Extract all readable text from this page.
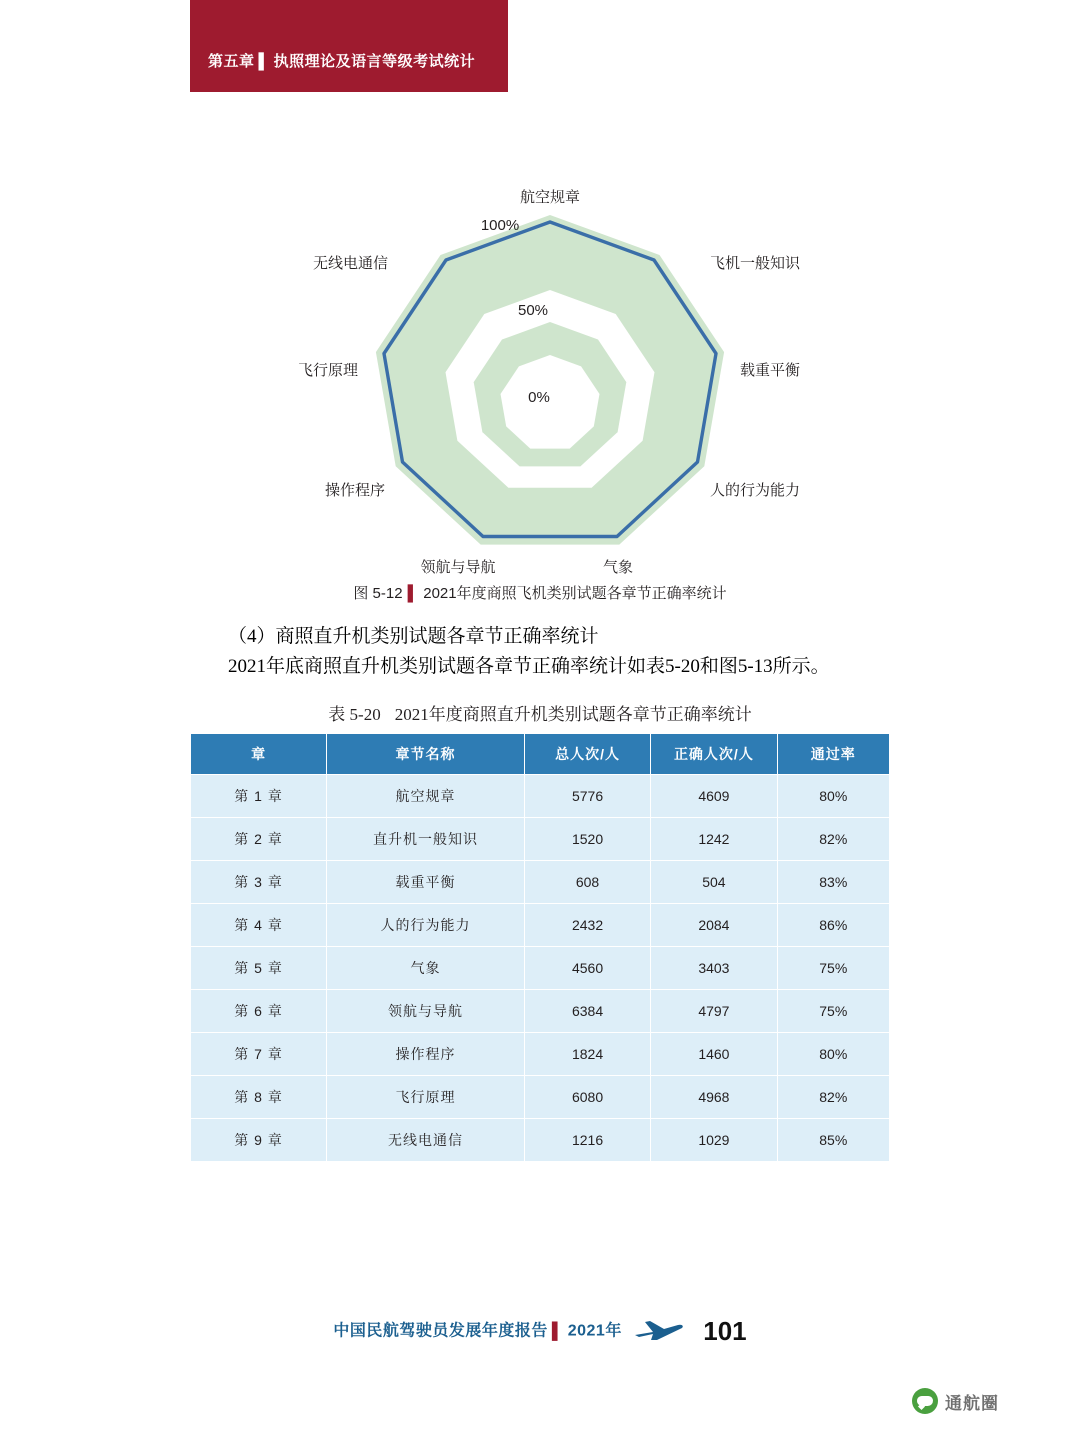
第五章 ▌ 执照理论及语言等级考试统计
0%
50%
100%
航空规章
飞机一般知识
载重平衡
人的行为能力
气象
领航与导航
操作程序
飞行原理
无线电通信
图 5-12 ▌ 2021年度商照飞机类别试题各章节正确率统计
（4）商照直升机类别试题各章节正确率统计
2021年底商照直升机类别试题各章节正确率统计如表5-20和图5-13所示。
表 5-20 2021年度商照直升机类别试题各章节正确率统计
章	章节名称	总人次/人	正确人次/人	通过率
第 1 章	航空规章	5776	4609	80%
第 2 章	直升机一般知识	1520	1242	82%
第 3 章	载重平衡	608	504	83%
第 4 章	人的行为能力	2432	2084	86%
第 5 章	气象	4560	3403	75%
第 6 章	领航与导航	6384	4797	75%
第 7 章	操作程序	1824	1460	80%
第 8 章	飞行原理	6080	4968	82%
第 9 章	无线电通信	1216	1029	85%
中国民航驾驶员发展年度报告 ▌ 2021年	101
通航圈
